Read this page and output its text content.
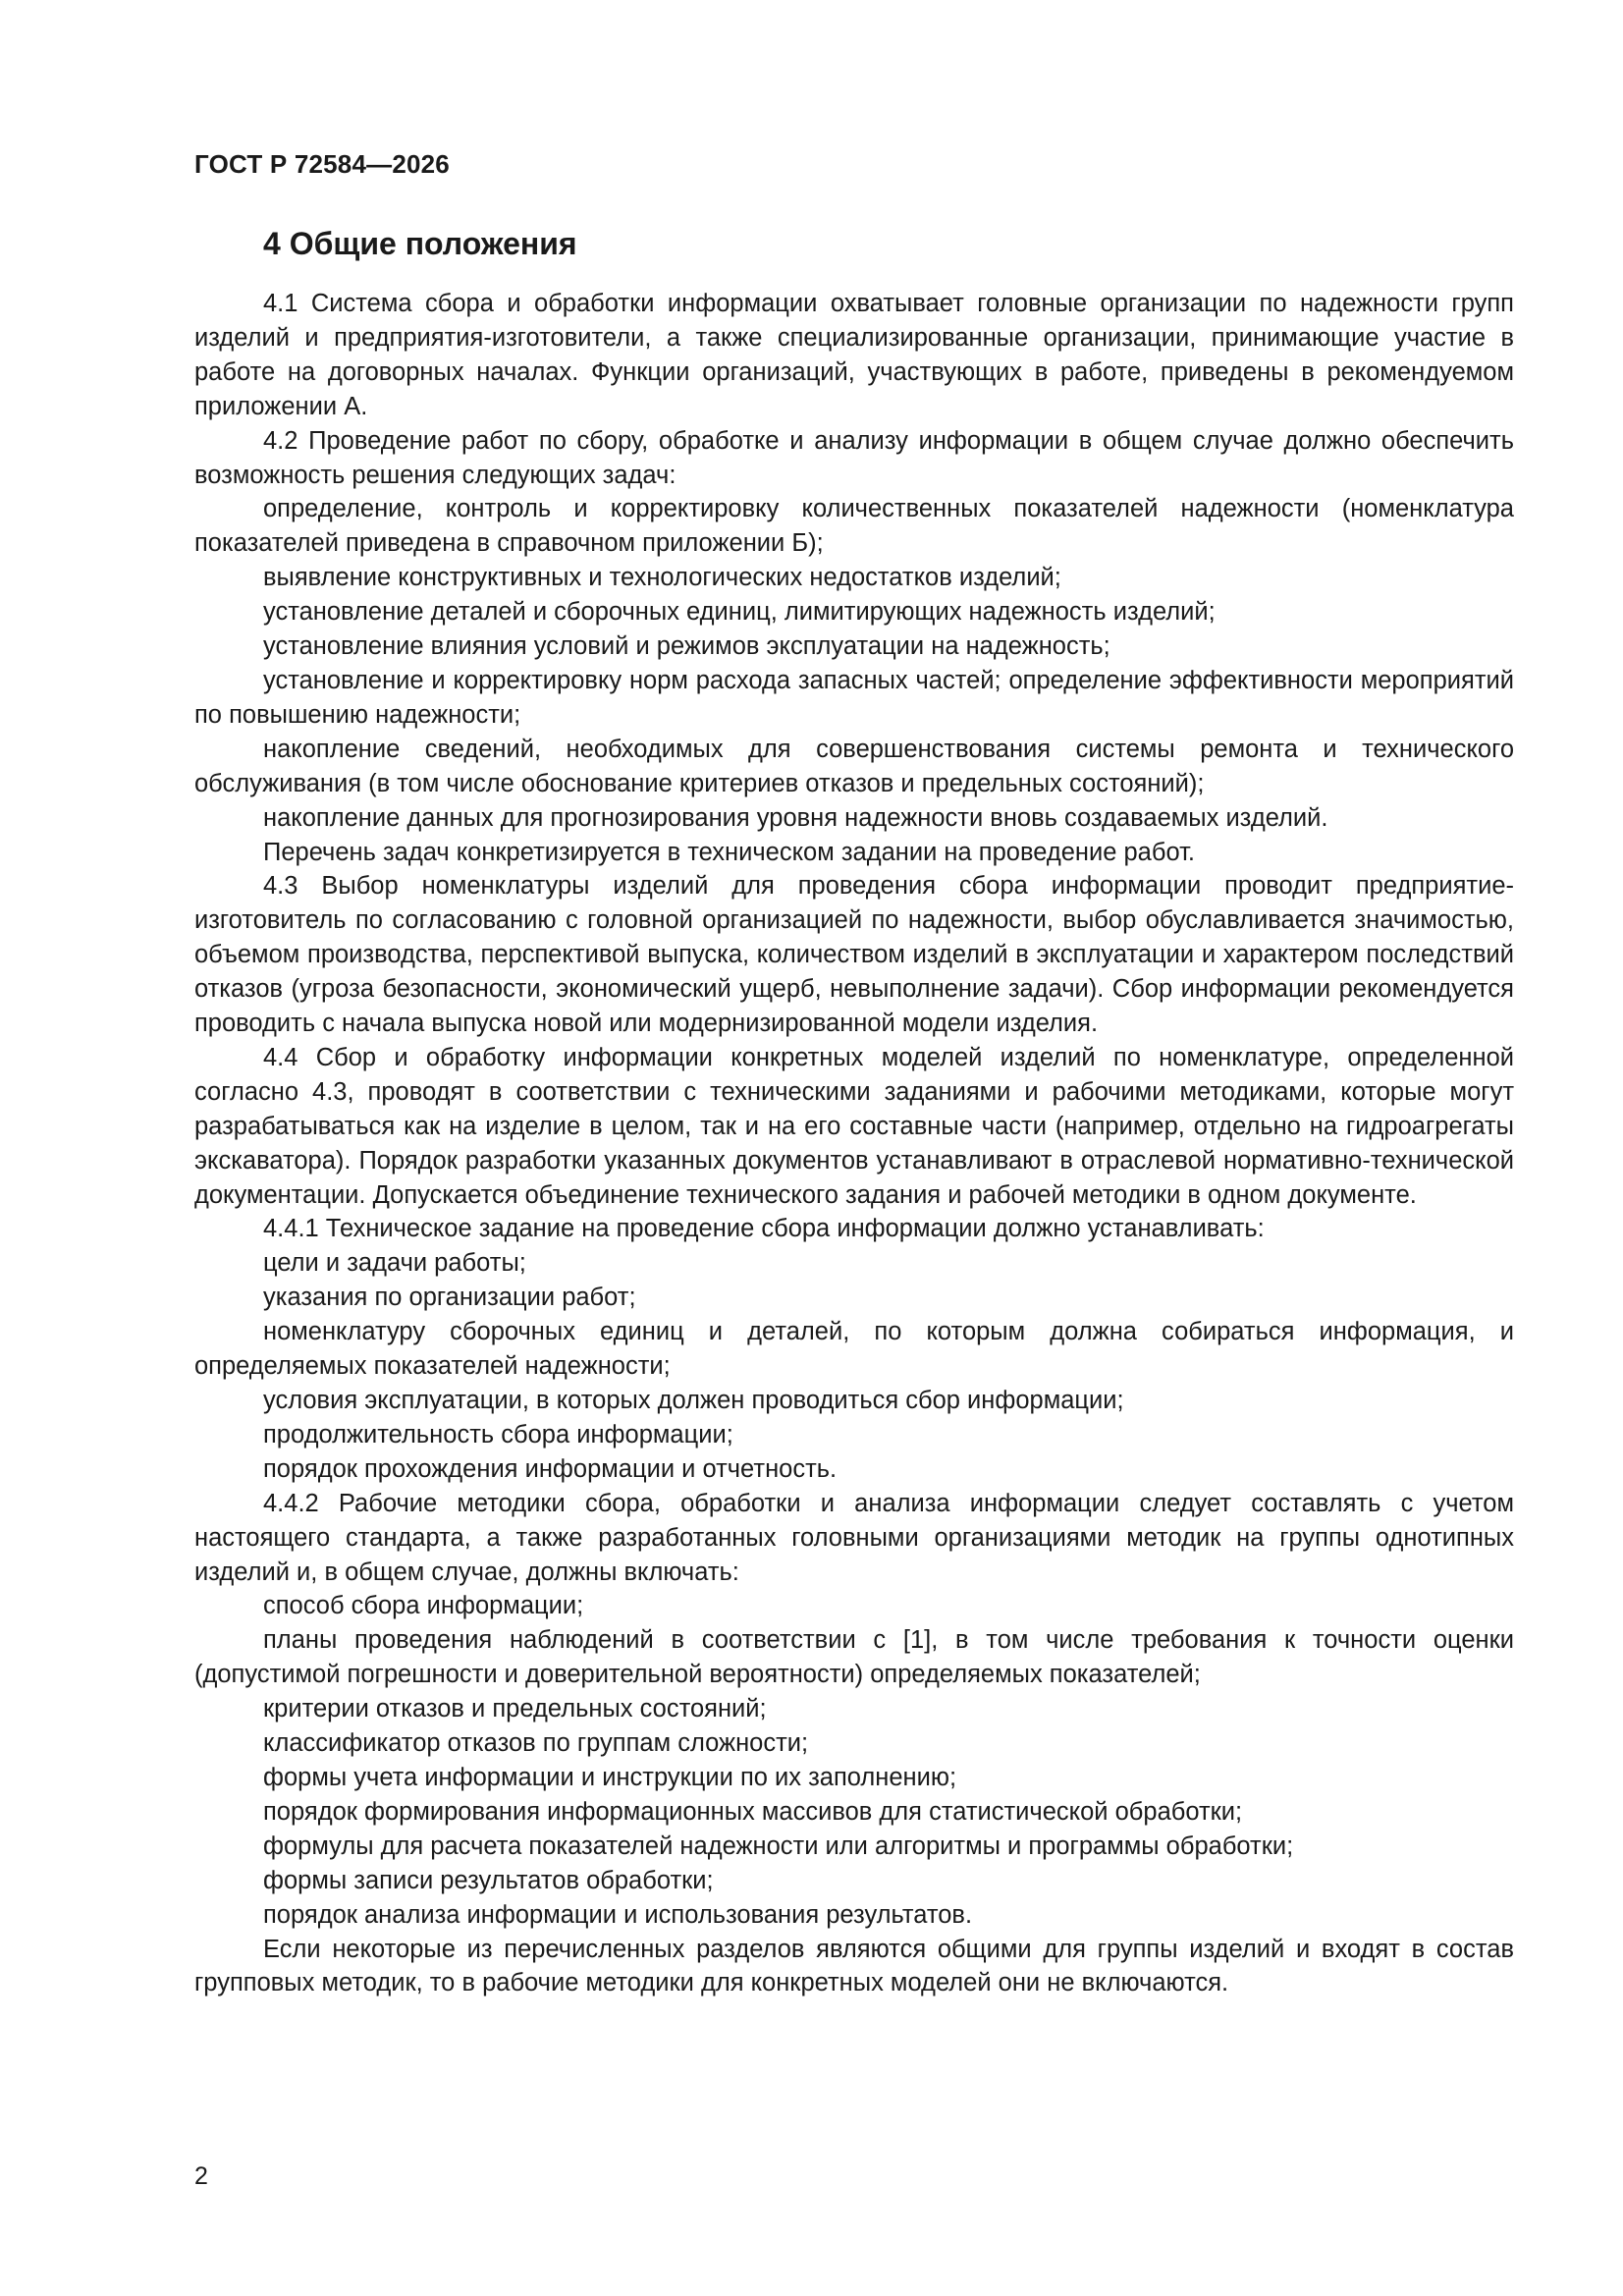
ГОСТ Р 72584—2026

4 Общие положения

4.1 Система сбора и обработки информации охватывает головные организации по надежности групп изделий и предприятия-изготовители, а также специализированные организации, принимающие участие в работе на договорных началах. Функции организаций, участвующих в работе, приведены в рекомендуемом приложении А.

4.2 Проведение работ по сбору, обработке и анализу информации в общем случае должно обеспечить возможность решения следующих задач:

определение, контроль и корректировку количественных показателей надежности (номенклатура показателей приведена в справочном приложении Б);

выявление конструктивных и технологических недостатков изделий;

установление деталей и сборочных единиц, лимитирующих надежность изделий;

установление влияния условий и режимов эксплуатации на надежность;

установление и корректировку норм расхода запасных частей; определение эффективности мероприятий по повышению надежности;

накопление сведений, необходимых для совершенствования системы ремонта и технического обслуживания (в том числе обоснование критериев отказов и предельных состояний);

накопление данных для прогнозирования уровня надежности вновь создаваемых изделий.

Перечень задач конкретизируется в техническом задании на проведение работ.

4.3 Выбор номенклатуры изделий для проведения сбора информации проводит предприятие-изготовитель по согласованию с головной организацией по надежности, выбор обуславливается значимостью, объемом производства, перспективой выпуска, количеством изделий в эксплуатации и характером последствий отказов (угроза безопасности, экономический ущерб, невыполнение задачи). Сбор информации рекомендуется проводить с начала выпуска новой или модернизированной модели изделия.

4.4 Сбор и обработку информации конкретных моделей изделий по номенклатуре, определенной согласно 4.3, проводят в соответствии с техническими заданиями и рабочими методиками, которые могут разрабатываться как на изделие в целом, так и на его составные части (например, отдельно на гидроагрегаты экскаватора). Порядок разработки указанных документов устанавливают в отраслевой нормативно-технической документации. Допускается объединение технического задания и рабочей методики в одном документе.

4.4.1 Техническое задание на проведение сбора информации должно устанавливать:

цели и задачи работы;

указания по организации работ;

номенклатуру сборочных единиц и деталей, по которым должна собираться информация, и определяемых показателей надежности;

условия эксплуатации, в которых должен проводиться сбор информации;

продолжительность сбора информации;

порядок прохождения информации и отчетность.

4.4.2 Рабочие методики сбора, обработки и анализа информации следует составлять с учетом настоящего стандарта, а также разработанных головными организациями методик на группы однотипных изделий и, в общем случае, должны включать:

способ сбора информации;

планы проведения наблюдений в соответствии с [1], в том числе требования к точности оценки (допустимой погрешности и доверительной вероятности) определяемых показателей;

критерии отказов и предельных состояний;

классификатор отказов по группам сложности;

формы учета информации и инструкции по их заполнению;

порядок формирования информационных массивов для статистической обработки;

формулы для расчета показателей надежности или алгоритмы и программы обработки;

формы записи результатов обработки;

порядок анализа информации и использования результатов.

Если некоторые из перечисленных разделов являются общими для группы изделий и входят в состав групповых методик, то в рабочие методики для конкретных моделей они не включаются.

2
